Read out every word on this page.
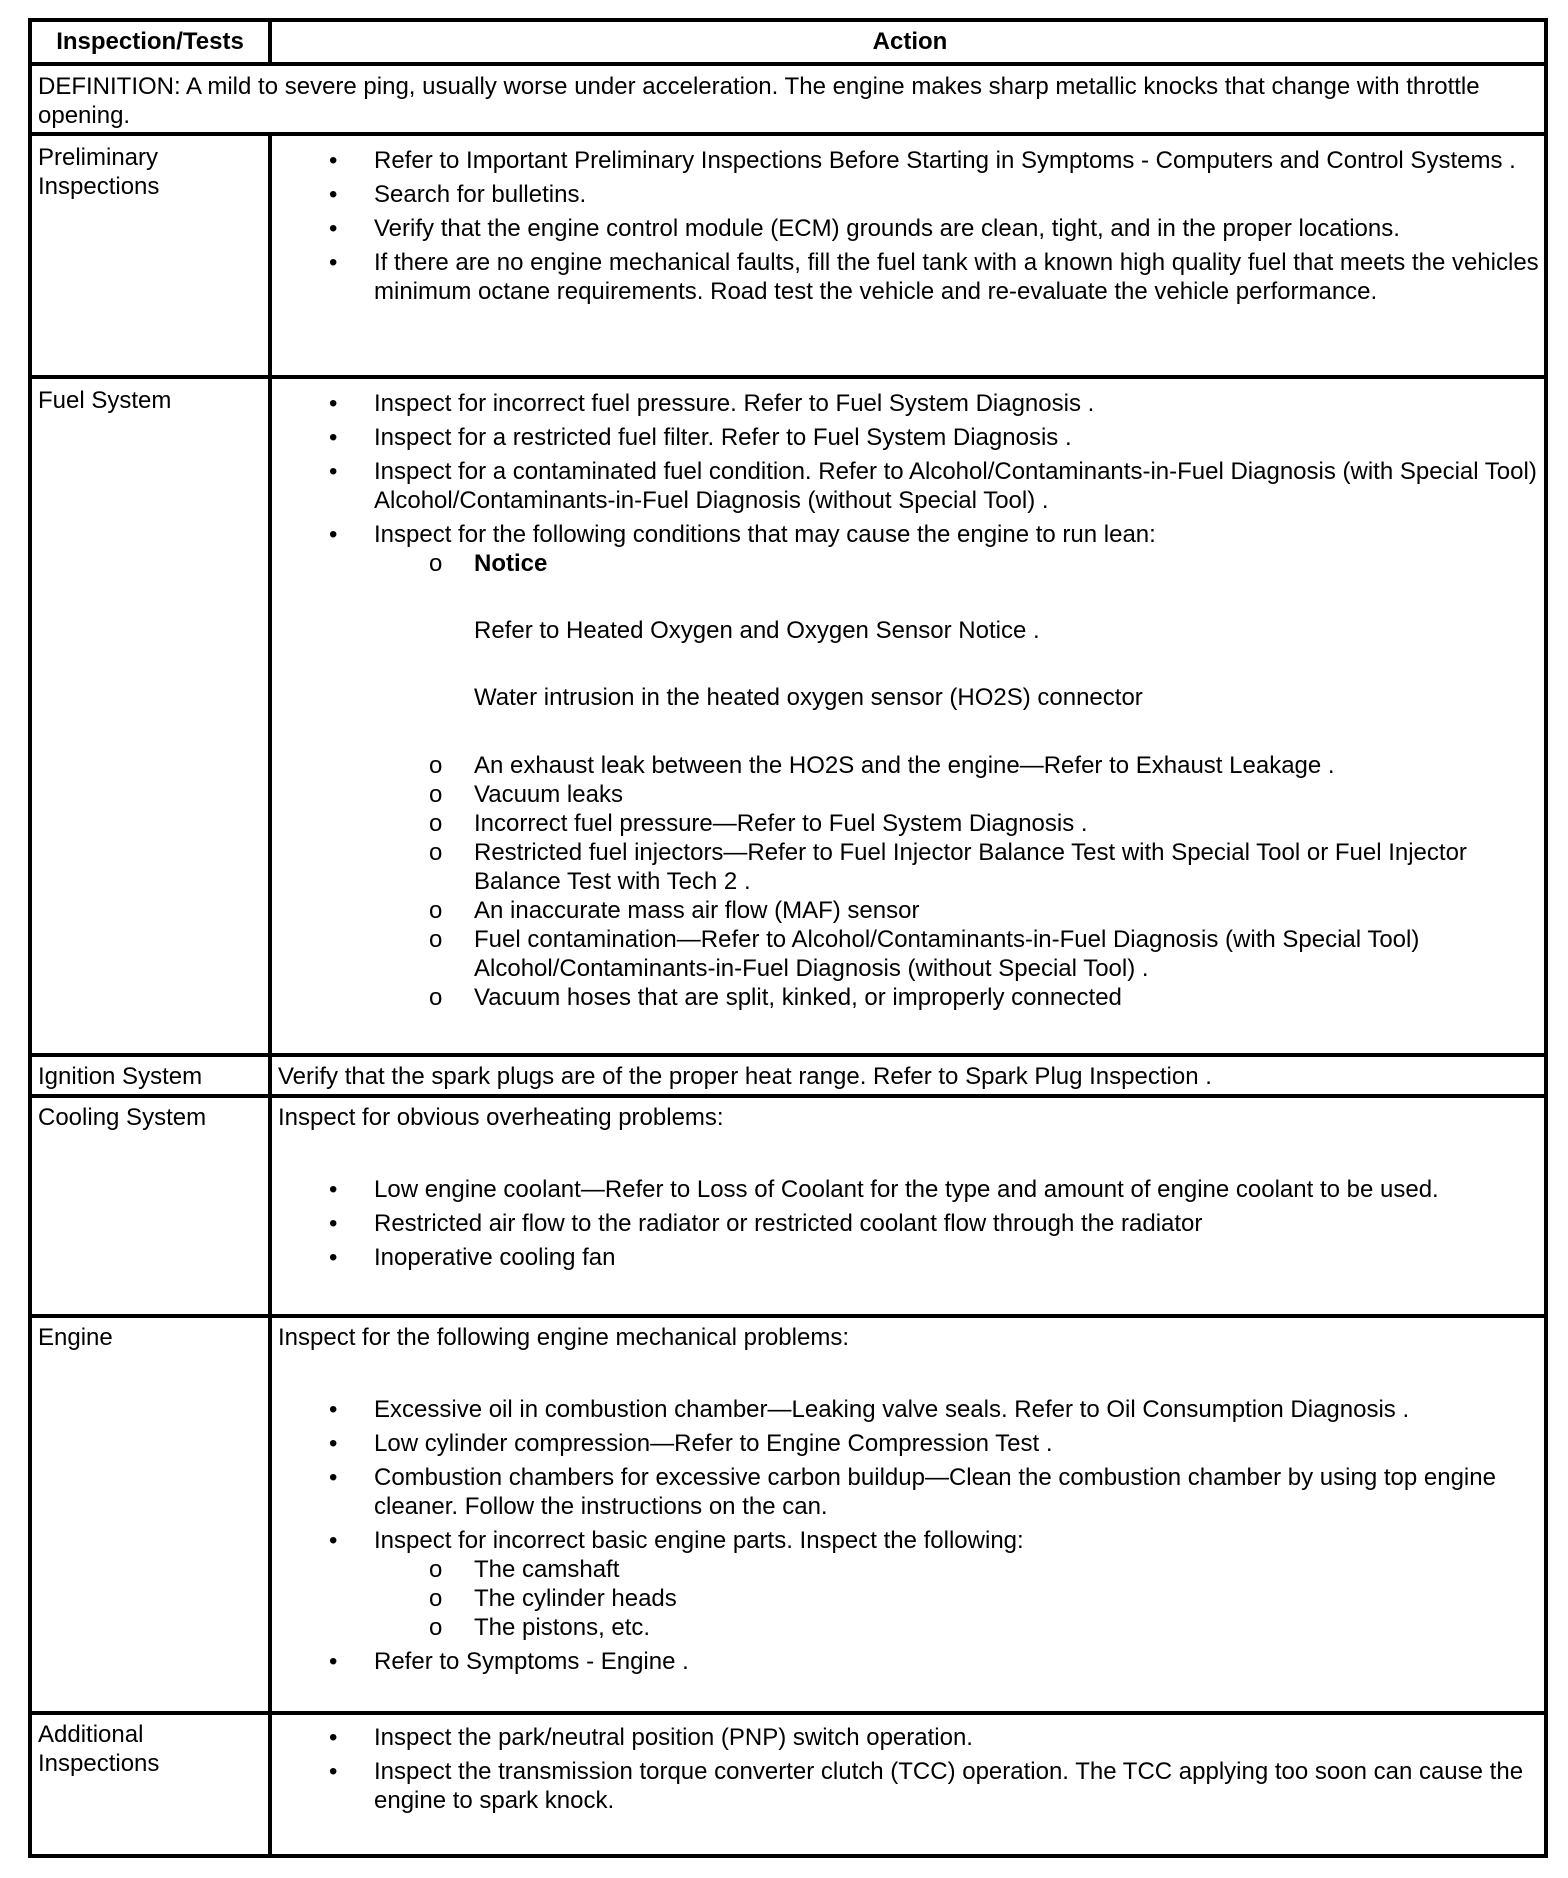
Inspection/Tests	Action
DEFINITION: A mild to severe ping, usually worse under acceleration. The engine makes sharp metallic knocks that change with throttle opening.
Preliminary Inspections
• Refer to Important Preliminary Inspections Before Starting in Symptoms - Computers and Control Systems .
• Search for bulletins.
• Verify that the engine control module (ECM) grounds are clean, tight, and in the proper locations.
• If there are no engine mechanical faults, fill the fuel tank with a known high quality fuel that meets the vehicles minimum octane requirements. Road test the vehicle and re-evaluate the vehicle performance.
Fuel System
•	Inspect for incorrect fuel pressure. Refer to Fuel System Diagnosis .
• Inspect for a restricted fuel filter. Refer to Fuel System Diagnosis .
• Inspect for a contaminated fuel condition. Refer to Alcohol/Contaminants-in-Fuel Diagnosis (with Special Tool) Alcohol/Contaminants-in-Fuel Diagnosis (without Special Tool) .
• Inspect for the following conditions that may cause the engine to run lean:
o Notice
Refer to Heated Oxygen and Oxygen Sensor Notice .
Water intrusion in the heated oxygen sensor (HO2S) connector
o An exhaust leak between the HO2S and the engine—Refer to Exhaust Leakage .
o Vacuum leaks
o Incorrect fuel pressure—Refer to Fuel System Diagnosis .
o Restricted fuel injectors—Refer to Fuel Injector Balance Test with Special Tool or Fuel Injector Balance Test with Tech 2 .
o An inaccurate mass air flow (MAF) sensor
o Fuel contamination—Refer to Alcohol/Contaminants-in-Fuel Diagnosis (with Special Tool) Alcohol/Contaminants-in-Fuel Diagnosis (without Special Tool) .
o Vacuum hoses that are split, kinked, or improperly connected
Ignition System	Verify that the spark plugs are of the proper heat range. Refer to Spark Plug Inspection .
Cooling System	Inspect for obvious overheating problems:
• Low engine coolant—Refer to Loss of Coolant for the type and amount of engine coolant to be used.
• Restricted air flow to the radiator or restricted coolant flow through the radiator
• Inoperative cooling fan
Engine	Inspect for the following engine mechanical problems:
• Excessive oil in combustion chamber—Leaking valve seals. Refer to Oil Consumption Diagnosis .
• Low cylinder compression—Refer to Engine Compression Test .
• Combustion chambers for excessive carbon buildup—Clean the combustion chamber by using top engine cleaner. Follow the instructions on the can.
• Inspect for incorrect basic engine parts. Inspect the following:
o The camshaft
o The cylinder heads
o The pistons, etc.
• Refer to Symptoms - Engine .
Additional Inspections
• Inspect the park/neutral position (PNP) switch operation.
• Inspect the transmission torque converter clutch (TCC) operation. The TCC applying too soon can cause the engine to spark knock.
